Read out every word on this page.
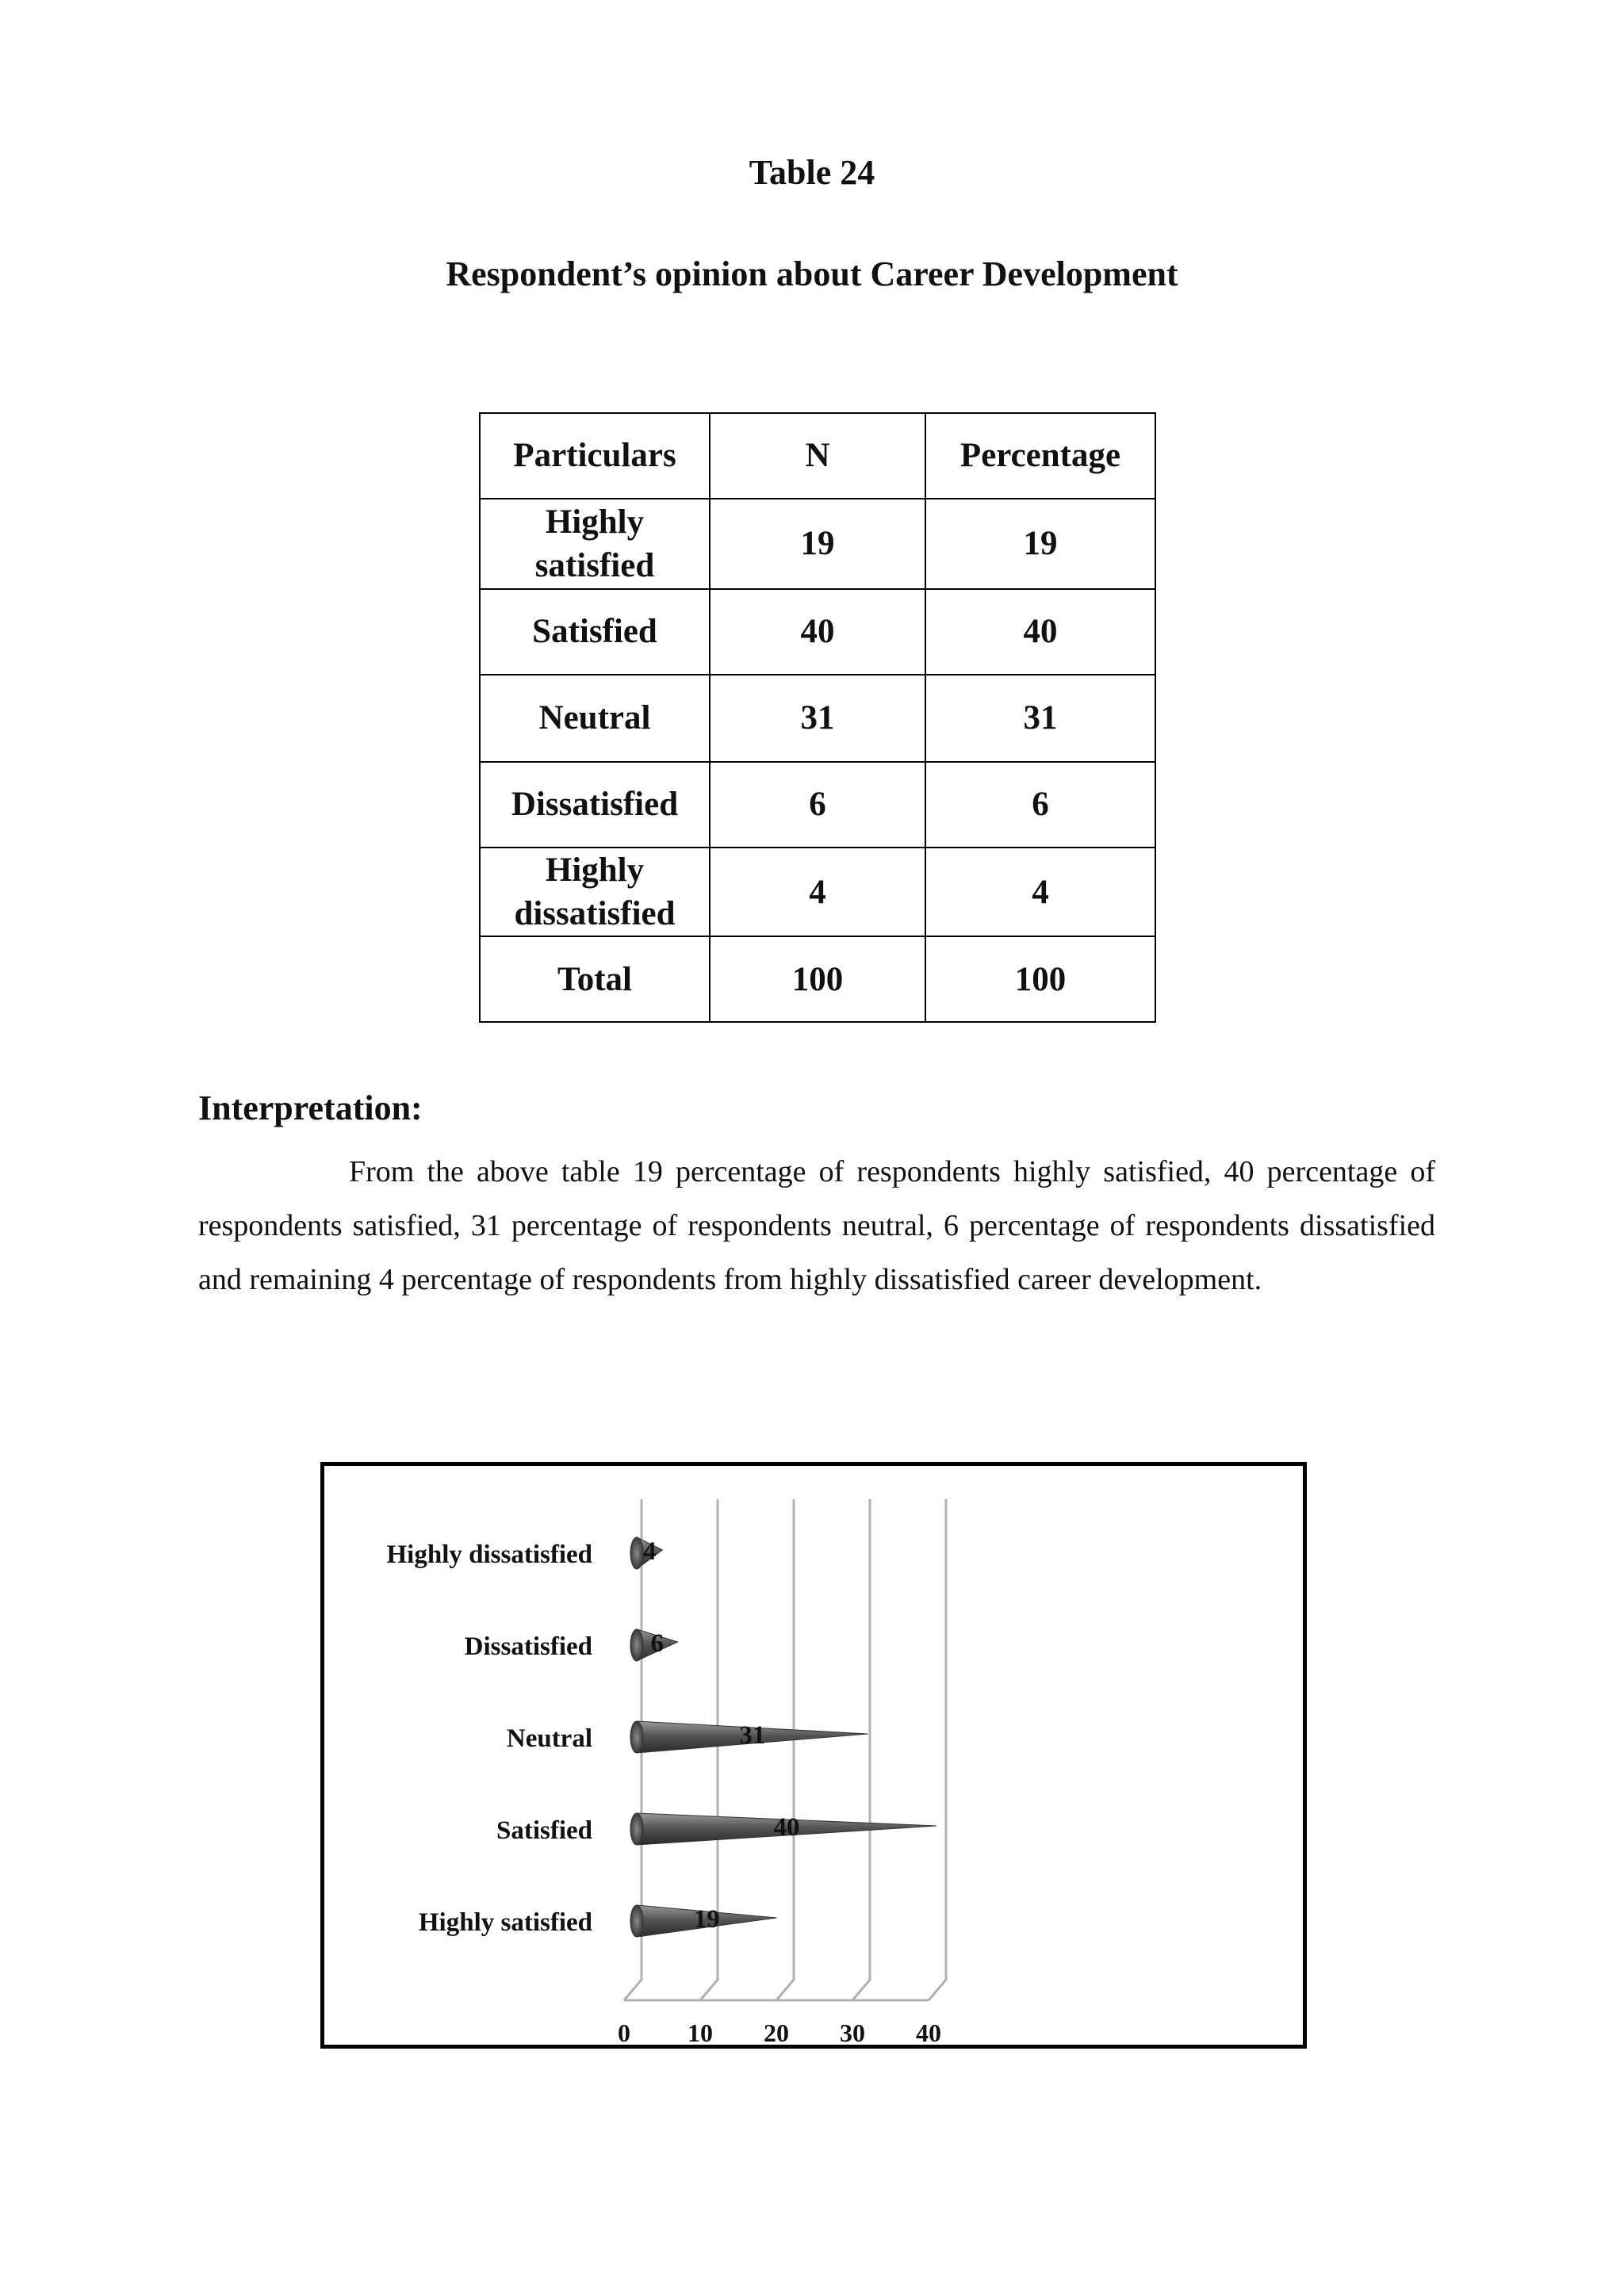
Table 24
Respondent’s opinion about Career Development
Particulars	N	Percentage
Highly satisfied	19	19
Satisfied	40	40
Neutral	31	31
Dissatisfied	6	6
Highly dissatisfied	4	4
Total	100	100
Interpretation:

From the above table 19 percentage of respondents highly satisfied, 40 percentage of respondents satisfied, 31 percentage of respondents neutral, 6 percentage of respondents dissatisfied and remaining 4 percentage of respondents from highly dissatisfied career development.

0 10 20 30 40
Highly dissatisfied 4
Dissatisfied 6
Neutral	31
Satisfied	40
Highly satisfied	19
